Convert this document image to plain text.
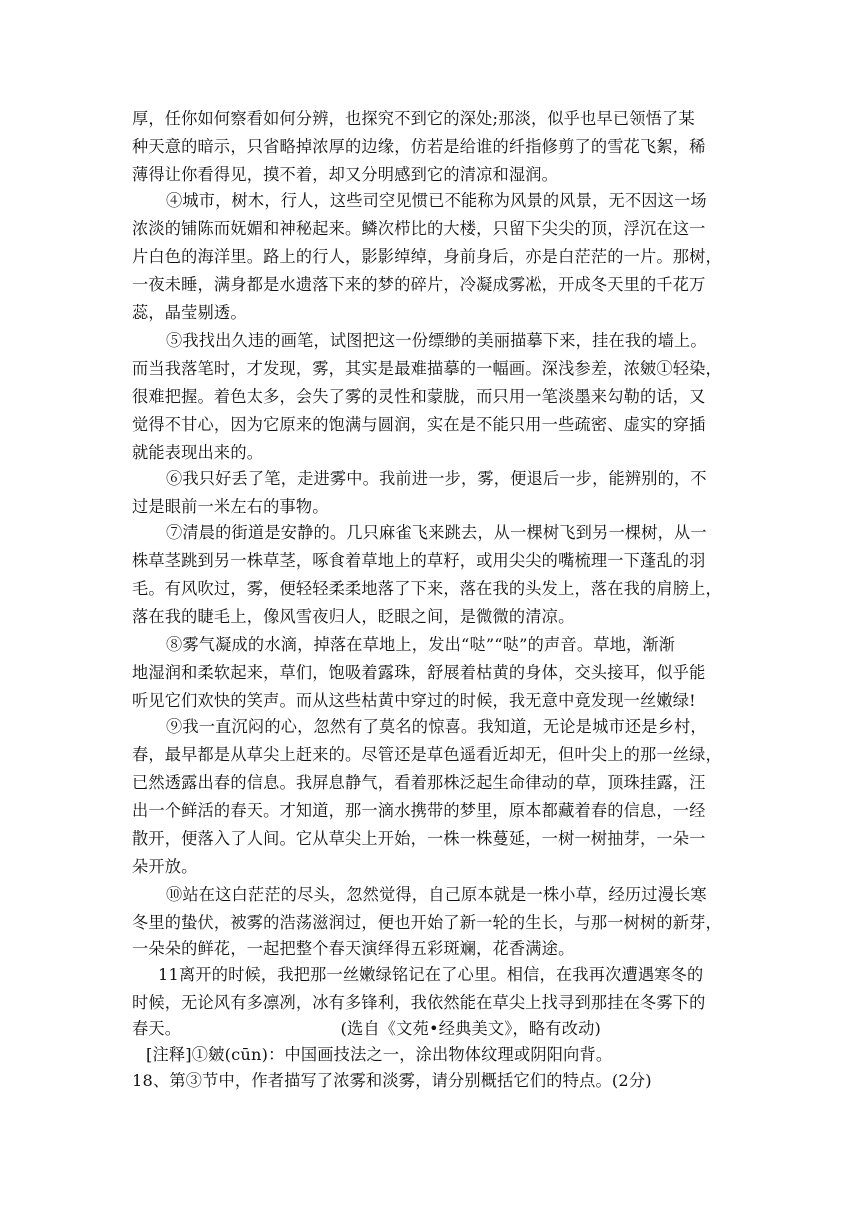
厚，任你如何察看如何分辨，也探究不到它的深处;那淡，似乎也早已领悟了某
种天意的暗示，只省略掉浓厚的边缘，仿若是给谁的纤指修剪了的雪花飞絮，稀
薄得让你看得见，摸不着，却又分明感到它的清凉和湿润。
④城市，树木，行人，这些司空见惯已不能称为风景的风景，无不因这一场
浓淡的铺陈而妩媚和神秘起来。鳞次栉比的大楼，只留下尖尖的顶，浮沉在这一
片白色的海洋里。路上的行人，影影绰绰，身前身后，亦是白茫茫的一片。那树，
一夜未睡，满身都是水遗落下来的梦的碎片，冷凝成雾凇，开成冬天里的千花万
蕊，晶莹剔透。
⑤我找出久违的画笔，试图把这一份缥缈的美丽描摹下来，挂在我的墙上。
而当我落笔时，才发现，雾，其实是最难描摹的一幅画。深浅参差，浓皴①轻染，
很难把握。着色太多，会失了雾的灵性和蒙胧，而只用一笔淡墨来勾勒的话，又
觉得不甘心，因为它原来的饱满与圆润，实在是不能只用一些疏密、虚实的穿插
就能表现出来的。
⑥我只好丢了笔，走进雾中。我前进一步，雾，便退后一步，能辨别的，不
过是眼前一米左右的事物。
⑦清晨的街道是安静的。几只麻雀飞来跳去，从一棵树飞到另一棵树，从一
株草茎跳到另一株草茎，啄食着草地上的草籽，或用尖尖的嘴梳理一下蓬乱的羽
毛。有风吹过，雾，便轻轻柔柔地落了下来，落在我的头发上，落在我的肩膀上，
落在我的睫毛上，像风雪夜归人，眨眼之间，是微微的清凉。
⑧雾气凝成的水滴，掉落在草地上，发出“哒”“哒”的声音。草地，渐渐
地湿润和柔软起来，草们，饱吸着露珠，舒展着枯黄的身体，交头接耳，似乎能
听见它们欢快的笑声。而从这些枯黄中穿过的时候，我无意中竟发现一丝嫩绿!
⑨我一直沉闷的心，忽然有了莫名的惊喜。我知道，无论是城市还是乡村，
春，最早都是从草尖上赶来的。尽管还是草色遥看近却无，但叶尖上的那一丝绿，
已然透露出春的信息。我屏息静气，看着那株泛起生命律动的草，顶珠挂露，汪
出一个鲜活的春天。才知道，那一滴水携带的梦里，原本都藏着春的信息，一经
散开，便落入了人间。它从草尖上开始，一株一株蔓延，一树一树抽芽，一朵一
朵开放。
⑩站在这白茫茫的尽头，忽然觉得，自己原本就是一株小草，经历过漫长寒
冬里的蛰伏，被雾的浩荡滋润过，便也开始了新一轮的生长，与那一树树的新芽，
一朵朵的鲜花，一起把整个春天演绎得五彩斑斓，花香满途。
11离开的时候，我把那一丝嫩绿铭记在了心里。相信，在我再次遭遇寒冬的
时候，无论风有多凛冽，冰有多锋利，我依然能在草尖上找寻到那挂在冬雾下的
春天。	(选自《文苑•经典美文》，略有改动)
[注释]①皴(cūn)：中国画技法之一，涂出物体纹理或阴阳向背。
18、第③节中，作者描写了浓雾和淡雾，请分别概括它们的特点。(2分)
